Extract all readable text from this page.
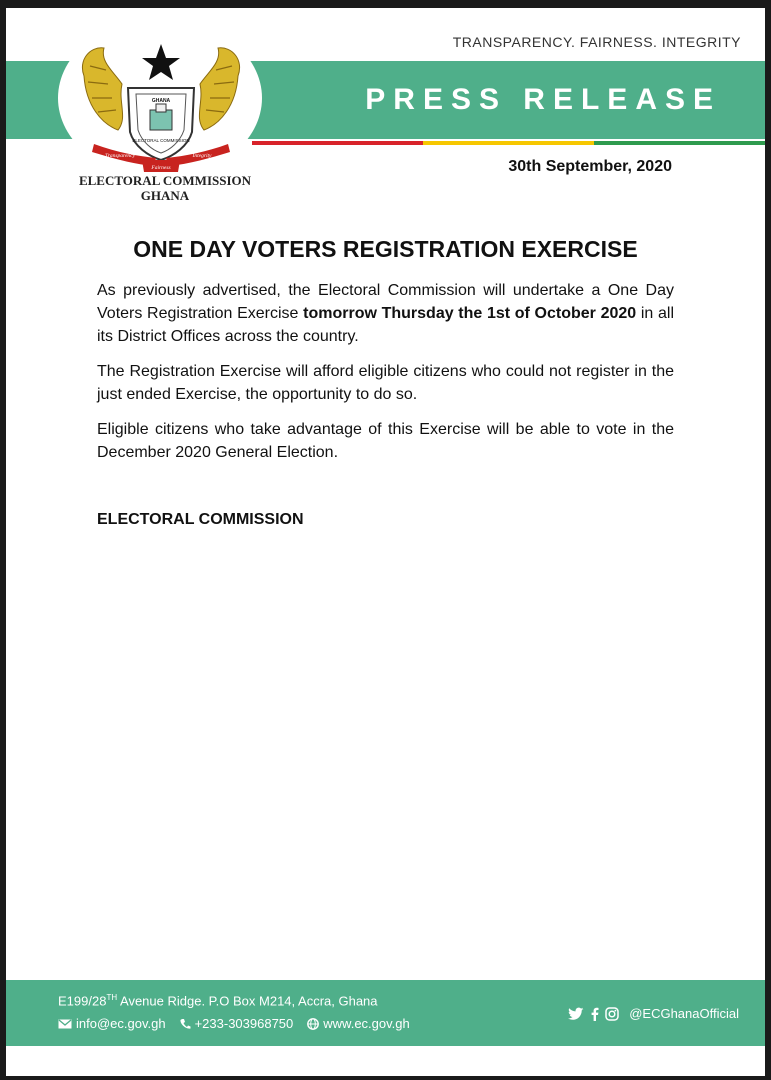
PRESS RELEASE
TRANSPARENCY. FAIRNESS. INTEGRITY
GHANA
ELECTORAL COMMISSION
Transparency
Fairness
Integrity
ELECTORAL COMMISSION
GHANA
30th September, 2020
ONE DAY VOTERS REGISTRATION EXERCISE

As previously advertised, the Electoral Commission will undertake a One Day Voters Registration Exercise tomorrow Thursday the 1st of October 2020 in all its District Offices across the country.

The Registration Exercise will afford eligible citizens who could not register in the just ended Exercise, the opportunity to do so.

Eligible citizens who take advantage of this Exercise will be able to vote in the December 2020 General Election.

ELECTORAL COMMISSION
E199/28TH Avenue Ridge. P.O Box M214, Accra, Ghana
info@ec.gov.gh +233-303968750 www.ec.gov.gh
@ECGhanaOfficial
